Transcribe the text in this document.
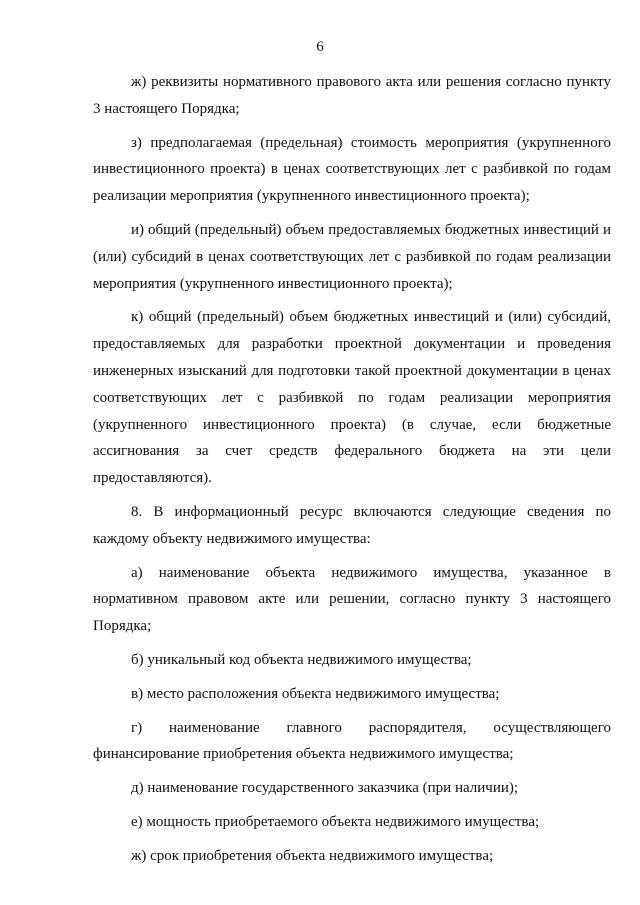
6

ж) реквизиты нормативного правового акта или решения согласно пункту 3 настоящего Порядка;

з) предполагаемая (предельная) стоимость мероприятия (укрупненного инвестиционного проекта) в ценах соответствующих лет с разбивкой по годам реализации мероприятия (укрупненного инвестиционного проекта);

и) общий (предельный) объем предоставляемых бюджетных инвестиций и (или) субсидий в ценах соответствующих лет с разбивкой по годам реализации мероприятия (укрупненного инвестиционного проекта);

к) общий (предельный) объем бюджетных инвестиций и (или) субсидий, предоставляемых для разработки проектной документации и проведения инженерных изысканий для подготовки такой проектной документации в ценах соответствующих лет с разбивкой по годам реализации мероприятия (укрупненного инвестиционного проекта) (в случае, если бюджетные ассигнования за счет средств федерального бюджета на эти цели предоставляются).

8. В информационный ресурс включаются следующие сведения по каждому объекту недвижимого имущества:

а) наименование объекта недвижимого имущества, указанное в нормативном правовом акте или решении, согласно пункту 3 настоящего Порядка;

б) уникальный код объекта недвижимого имущества;

в) место расположения объекта недвижимого имущества;

г) наименование главного распорядителя, осуществляющего финансирование приобретения объекта недвижимого имущества;

д) наименование государственного заказчика (при наличии);

е) мощность приобретаемого объекта недвижимого имущества;

ж) срок приобретения объекта недвижимого имущества;
